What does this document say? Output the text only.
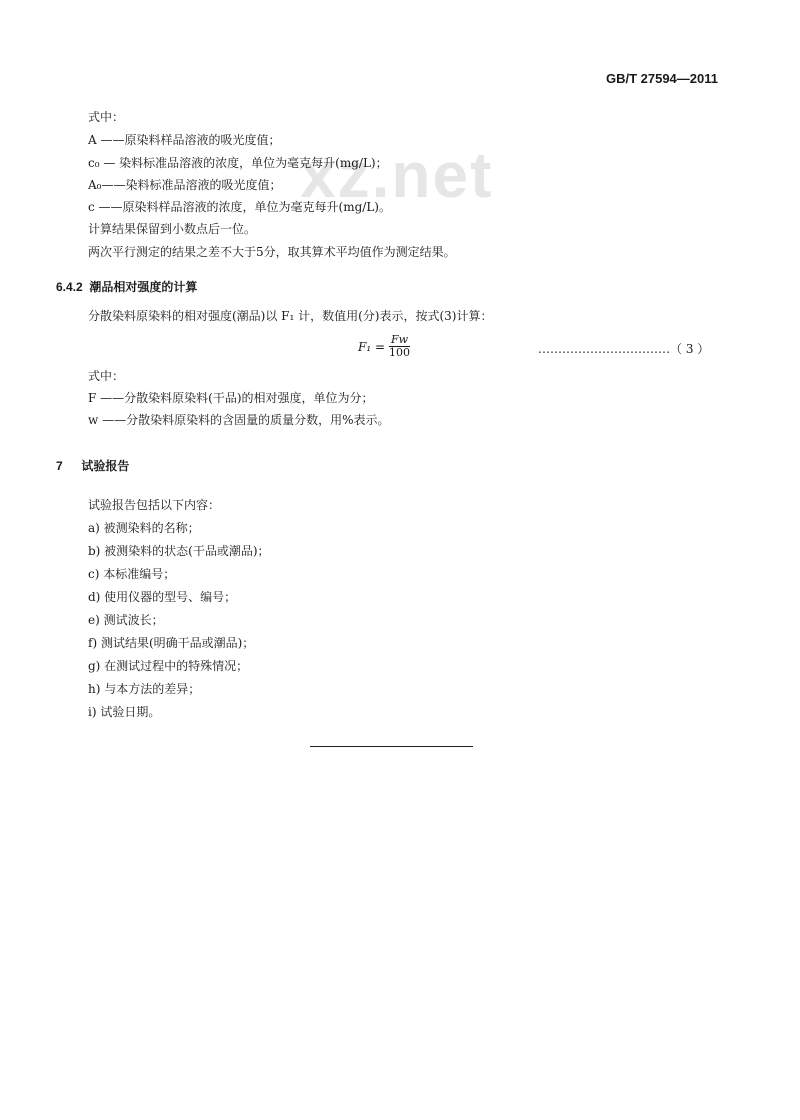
GB/T 27594—2011
xz.net
式中：
A ——原染料样品溶液的吸光度值；
c₀ — 染料标准品溶液的浓度，单位为毫克每升(mg/L)；
A₀——染料标准品溶液的吸光度值；
c ——原染料样品溶液的浓度，单位为毫克每升(mg/L)。
计算结果保留到小数点后一位。
两次平行测定的结果之差不大于5分，取其算术平均值作为测定结果。
6.4.2 潮品相对强度的计算
分散染料原染料的相对强度(潮品)以 F₁ 计，数值用(分)表示，按式(3)计算：
$F_1 = \frac{Fw}{100}$	……………………………（ 3 ）
式中：
F ——分散染料原染料(干品)的相对强度，单位为分；
w ——分散染料原染料的含固量的质量分数，用%表示。
7 试验报告
试验报告包括以下内容：
a) 被测染料的名称；
b) 被测染料的状态(干品或潮品)；
c) 本标准编号；
d) 使用仪器的型号、编号；
e) 测试波长；
f) 测试结果(明确干品或潮品)；
g) 在测试过程中的特殊情况；
h) 与本方法的差异；
i) 试验日期。
